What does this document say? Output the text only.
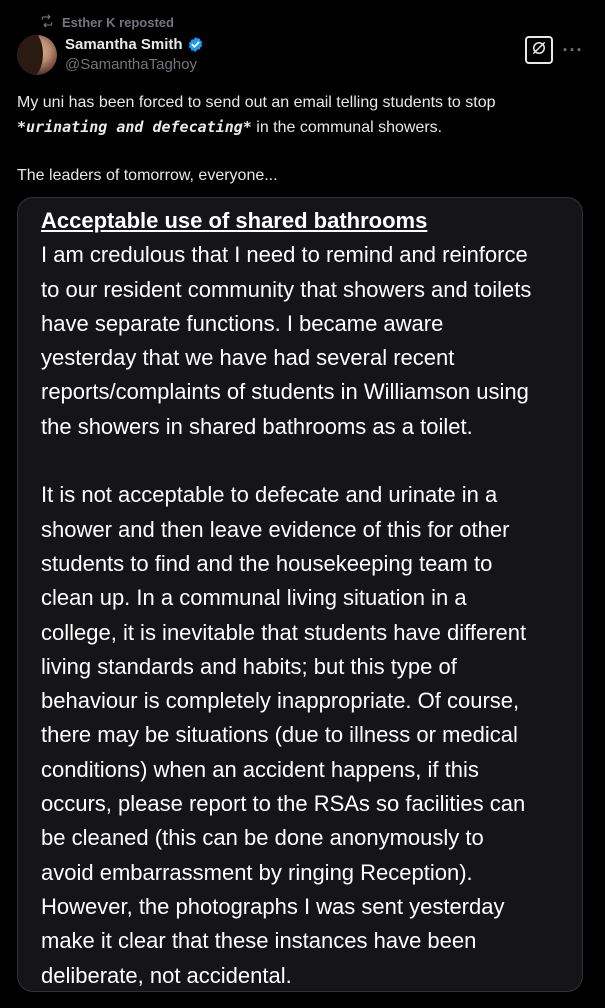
Esther K reposted
Samantha Smith
@SamanthaTaghoy
···

My uni has been forced to send out an email telling students to stop
*urinating and defecating* in the communal showers.

The leaders of tomorrow, everyone...

Acceptable use of shared bathrooms

I am credulous that I need to remind and reinforce

to our resident community that showers and toilets

have separate functions. I became aware

yesterday that we have had several recent

reports/complaints of students in Williamson using

the showers in shared bathrooms as a toilet.

It is not acceptable to defecate and urinate in a

shower and then leave evidence of this for other

students to find and the housekeeping team to

clean up. In a communal living situation in a

college, it is inevitable that students have different

living standards and habits; but this type of

behaviour is completely inappropriate. Of course,

there may be situations (due to illness or medical

conditions) when an accident happens, if this

occurs, please report to the RSAs so facilities can

be cleaned (this can be done anonymously to

avoid embarrassment by ringing Reception).

However, the photographs I was sent yesterday

make it clear that these instances have been

deliberate, not accidental.
